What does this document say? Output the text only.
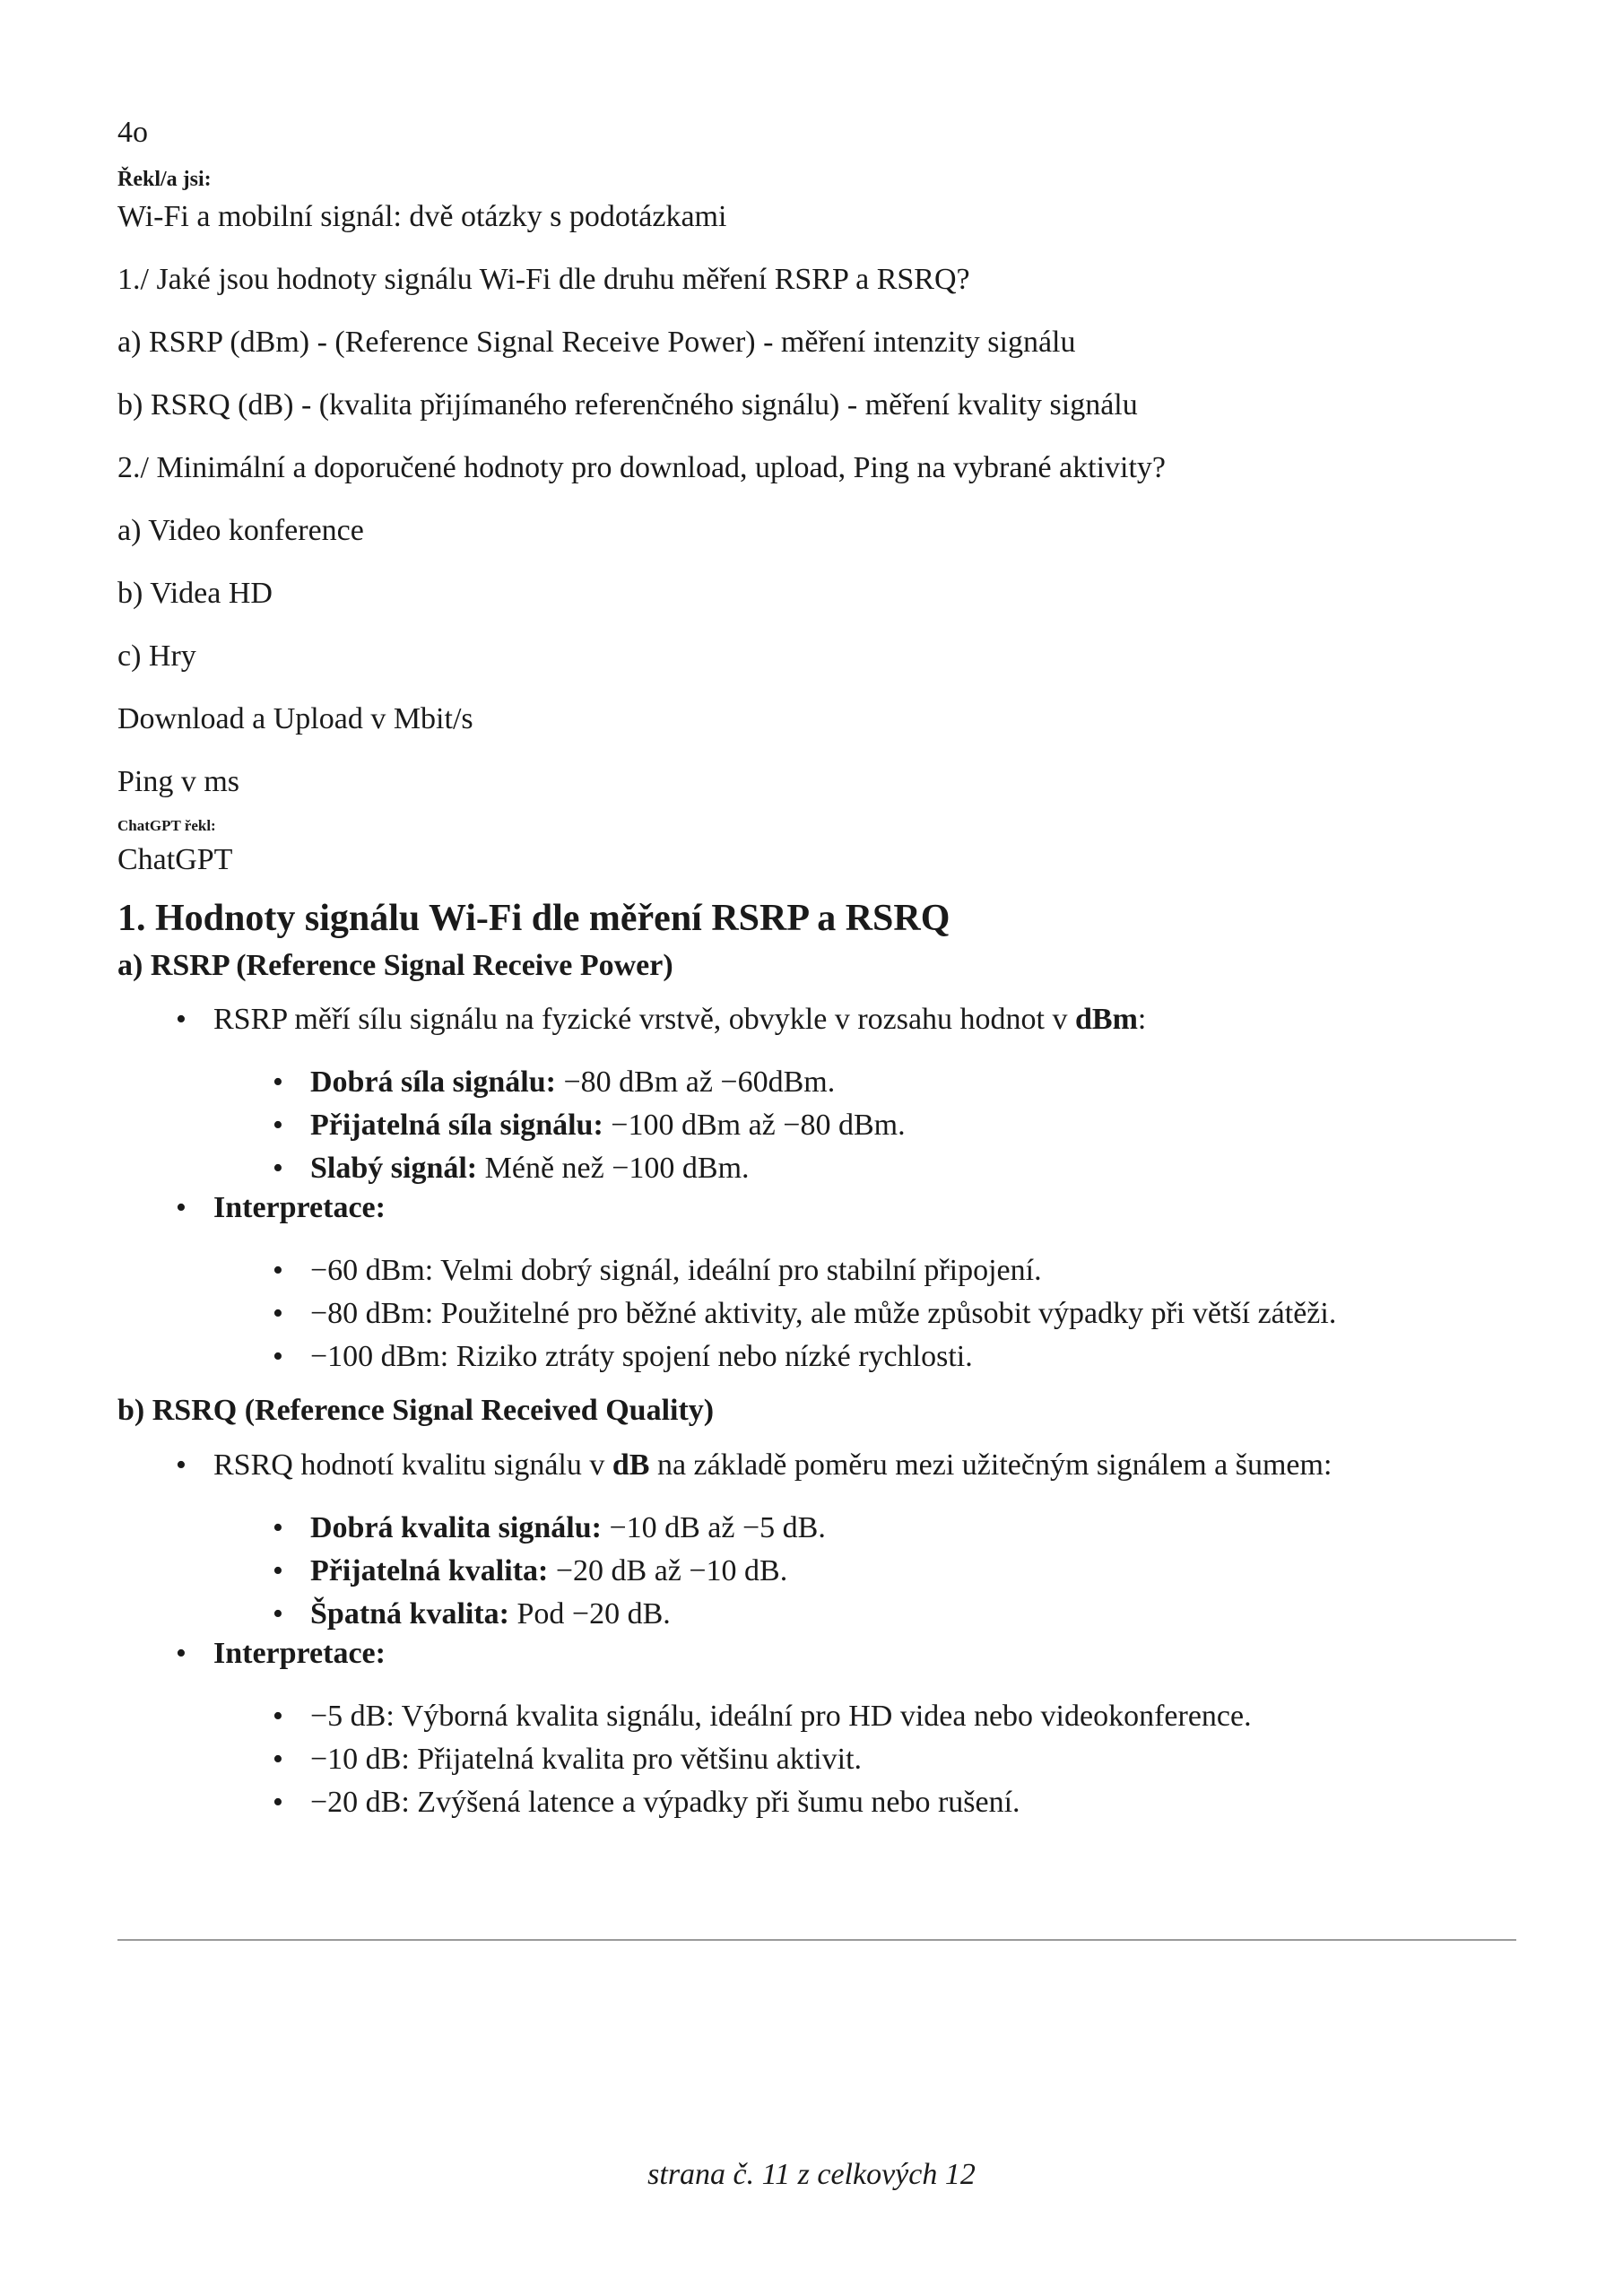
4o

Řekl/a jsi:

Wi-Fi a mobilní signál: dvě otázky s podotázkami

1./ Jaké jsou hodnoty signálu Wi-Fi dle druhu měření RSRP a RSRQ?

a) RSRP (dBm) - (Reference Signal Receive Power) - měření intenzity signálu

b) RSRQ (dB) - (kvalita přijímaného referenčného signálu) - měření kvality signálu

2./ Minimální a doporučené hodnoty pro download, upload, Ping na vybrané aktivity?

a) Video konference

b) Videa HD

c) Hry

Download a Upload v Mbit/s

Ping v ms

ChatGPT řekl:

ChatGPT

1. Hodnoty signálu Wi-Fi dle měření RSRP a RSRQ
a) RSRP (Reference Signal Receive Power)
• RSRP měří sílu signálu na fyzické vrstvě, obvykle v rozsahu hodnot v dBm:
• Dobrá síla signálu: −80 dBm až −60dBm.
• Přijatelná síla signálu: −100 dBm až −80 dBm.
• Slabý signál: Méně než −100 dBm.
• Interpretace:
• −60 dBm: Velmi dobrý signál, ideální pro stabilní připojení.
• −80 dBm: Použitelné pro běžné aktivity, ale může způsobit výpadky při větší zátěži.
• −100 dBm: Riziko ztráty spojení nebo nízké rychlosti.
b) RSRQ (Reference Signal Received Quality)
• RSRQ hodnotí kvalitu signálu v dB na základě poměru mezi užitečným signálem a šumem:
• Dobrá kvalita signálu: −10 dB až −5 dB.
• Přijatelná kvalita: −20 dB až −10 dB.
• Špatná kvalita: Pod −20 dB.
• Interpretace:
• −5 dB: Výborná kvalita signálu, ideální pro HD videa nebo videokonference.
• −10 dB: Přijatelná kvalita pro většinu aktivit.
• −20 dB: Zvýšená latence a výpadky při šumu nebo rušení.
strana č. 11 z celkových 12
